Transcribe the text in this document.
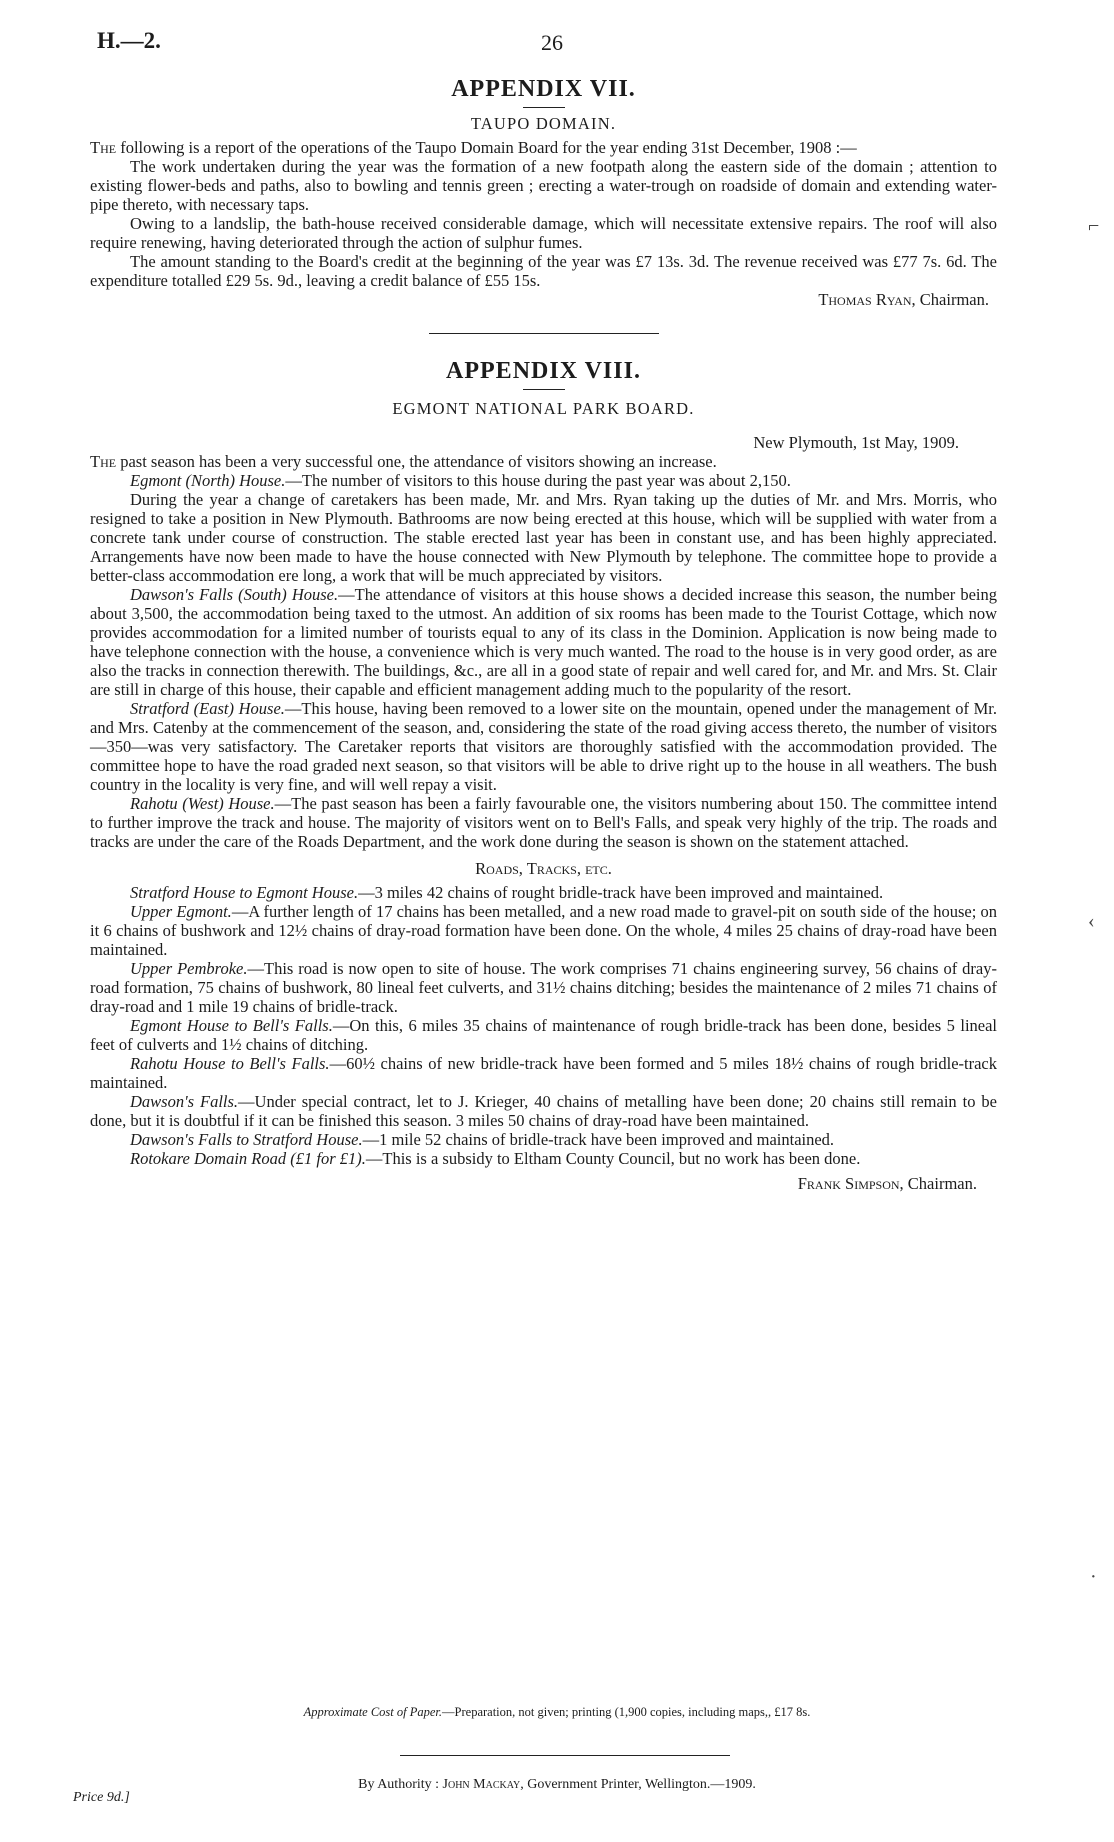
H.—2.	26
APPENDIX VII.
TAUPO DOMAIN.

The following is a report of the operations of the Taupo Domain Board for the year ending 31st December, 1908 :—

The work undertaken during the year was the formation of a new footpath along the eastern side of the domain ; attention to existing flower-beds and paths, also to bowling and tennis green ; erecting a water-trough on roadside of domain and extending water-pipe thereto, with necessary taps.

Owing to a landslip, the bath-house received considerable damage, which will necessitate extensive repairs. The roof will also require renewing, having deteriorated through the action of sulphur fumes.

The amount standing to the Board's credit at the beginning of the year was £7 13s. 3d. The revenue received was £77 7s. 6d. The expenditure totalled £29 5s. 9d., leaving a credit balance of £55 15s.

Thomas Ryan, Chairman.
APPENDIX VIII.
EGMONT NATIONAL PARK BOARD.
New Plymouth, 1st May, 1909.

The past season has been a very successful one, the attendance of visitors showing an increase.

Egmont (North) House.—The number of visitors to this house during the past year was about 2,150.

During the year a change of caretakers has been made, Mr. and Mrs. Ryan taking up the duties of Mr. and Mrs. Morris, who resigned to take a position in New Plymouth. Bathrooms are now being erected at this house, which will be supplied with water from a concrete tank under course of construction. The stable erected last year has been in constant use, and has been highly appreciated. Arrangements have now been made to have the house connected with New Plymouth by telephone. The committee hope to provide a better-class accommodation ere long, a work that will be much appreciated by visitors.

Dawson's Falls (South) House.—The attendance of visitors at this house shows a decided increase this season, the number being about 3,500, the accommodation being taxed to the utmost. An addition of six rooms has been made to the Tourist Cottage, which now provides accommodation for a limited number of tourists equal to any of its class in the Dominion. Application is now being made to have telephone connection with the house, a convenience which is very much wanted. The road to the house is in very good order, as are also the tracks in connection therewith. The buildings, &c., are all in a good state of repair and well cared for, and Mr. and Mrs. St. Clair are still in charge of this house, their capable and efficient management adding much to the popularity of the resort.

Stratford (East) House.—This house, having been removed to a lower site on the mountain, opened under the management of Mr. and Mrs. Catenby at the commencement of the season, and, considering the state of the road giving access thereto, the number of visitors—350—was very satisfactory. The Caretaker reports that visitors are thoroughly satisfied with the accommodation provided. The committee hope to have the road graded next season, so that visitors will be able to drive right up to the house in all weathers. The bush country in the locality is very fine, and will well repay a visit.

Rahotu (West) House.—The past season has been a fairly favourable one, the visitors numbering about 150. The committee intend to further improve the track and house. The majority of visitors went on to Bell's Falls, and speak very highly of the trip. The roads and tracks are under the care of the Roads Department, and the work done during the season is shown on the statement attached.

Roads, Tracks, etc.

Stratford House to Egmont House.—3 miles 42 chains of rought bridle-track have been improved and maintained.

Upper Egmont.—A further length of 17 chains has been metalled, and a new road made to gravel-pit on south side of the house; on it 6 chains of bushwork and 12½ chains of dray-road formation have been done. On the whole, 4 miles 25 chains of dray-road have been maintained.

Upper Pembroke.—This road is now open to site of house. The work comprises 71 chains engineering survey, 56 chains of dray-road formation, 75 chains of bushwork, 80 lineal feet culverts, and 31½ chains ditching; besides the maintenance of 2 miles 71 chains of dray-road and 1 mile 19 chains of bridle-track.

Egmont House to Bell's Falls.—On this, 6 miles 35 chains of maintenance of rough bridle-track has been done, besides 5 lineal feet of culverts and 1½ chains of ditching.

Rahotu House to Bell's Falls.—60½ chains of new bridle-track have been formed and 5 miles 18½ chains of rough bridle-track maintained.

Dawson's Falls.—Under special contract, let to J. Krieger, 40 chains of metalling have been done; 20 chains still remain to be done, but it is doubtful if it can be finished this season. 3 miles 50 chains of dray-road have been maintained.

Dawson's Falls to Stratford House.—1 mile 52 chains of bridle-track have been improved and maintained.

Rotokare Domain Road (£1 for £1).—This is a subsidy to Eltham County Council, but no work has been done.

Frank Simpson, Chairman.
Approximate Cost of Paper.—Preparation, not given; printing (1,900 copies, including maps,, £17 8s.
By Authority : John Mackay, Government Printer, Wellington.—1909.
Price 9d.]
⌐
‹
·
